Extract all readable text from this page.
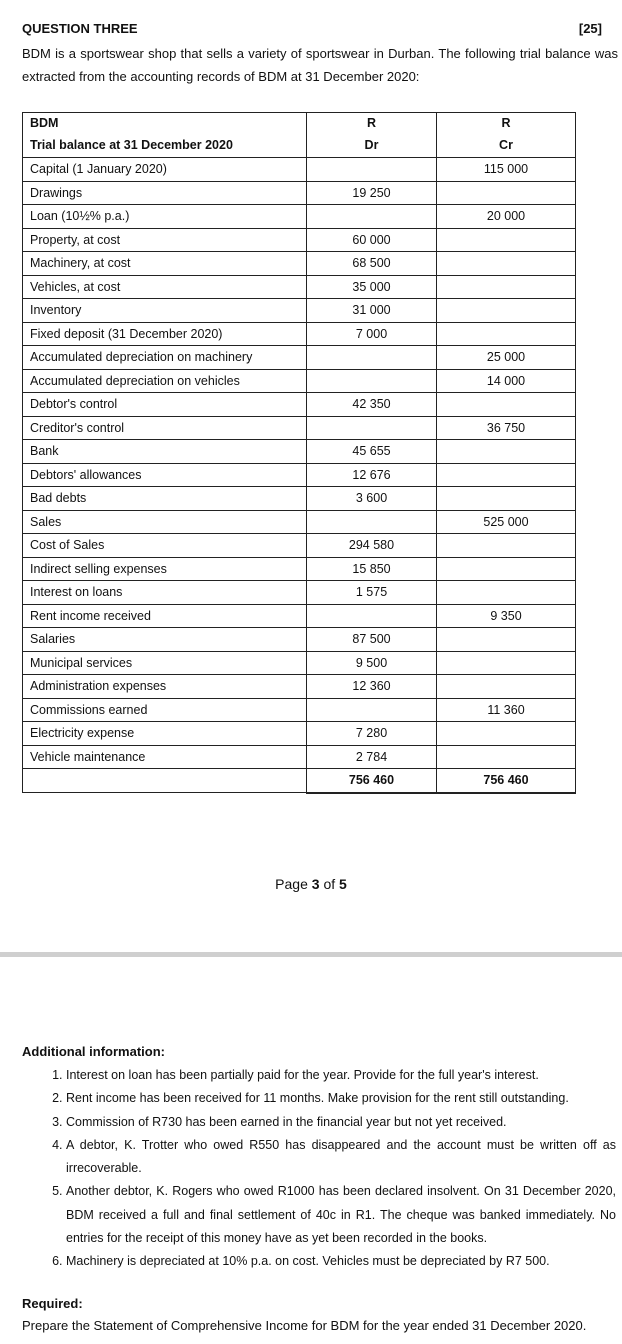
QUESTION THREE	[25]
BDM is a sportswear shop that sells a variety of sportswear in Durban. The following trial balance was extracted from the accounting records of BDM at 31 December 2020:
BDM	R	R
Trial balance at 31 December 2020	Dr	Cr
Capital (1 January 2020)		115 000
Drawings	19 250	
Loan (10½% p.a.)		20 000
Property, at cost	60 000	
Machinery, at cost	68 500	
Vehicles, at cost	35 000	
Inventory	31 000	
Fixed deposit (31 December 2020)	7 000	
Accumulated depreciation on machinery		25 000
Accumulated depreciation on vehicles		14 000
Debtor's control	42 350	
Creditor's control		36 750
Bank	45 655	
Debtors' allowances	12 676	
Bad debts	3 600	
Sales		525 000
Cost of Sales	294 580	
Indirect selling expenses	15 850	
Interest on loans	1 575	
Rent income received		9 350
Salaries	87 500	
Municipal services	9 500	
Administration expenses	12 360	
Commissions earned		11 360
Electricity expense	7 280	
Vehicle maintenance	2 784	
	756 460	756 460
Page 3 of 5
Additional information:
1. Interest on loan has been partially paid for the year. Provide for the full year's interest.
2. Rent income has been received for 11 months. Make provision for the rent still outstanding.
3. Commission of R730 has been earned in the financial year but not yet received.
4. A debtor, K. Trotter who owed R550 has disappeared and the account must be written off as irrecoverable.
5. Another debtor, K. Rogers who owed R1000 has been declared insolvent. On 31 December 2020, BDM received a full and final settlement of 40c in R1. The cheque was banked immediately. No entries for the receipt of this money have as yet been recorded in the books.
6. Machinery is depreciated at 10% p.a. on cost. Vehicles must be depreciated by R7 500.
Required:
Prepare the Statement of Comprehensive Income for BDM for the year ended 31 December 2020.
